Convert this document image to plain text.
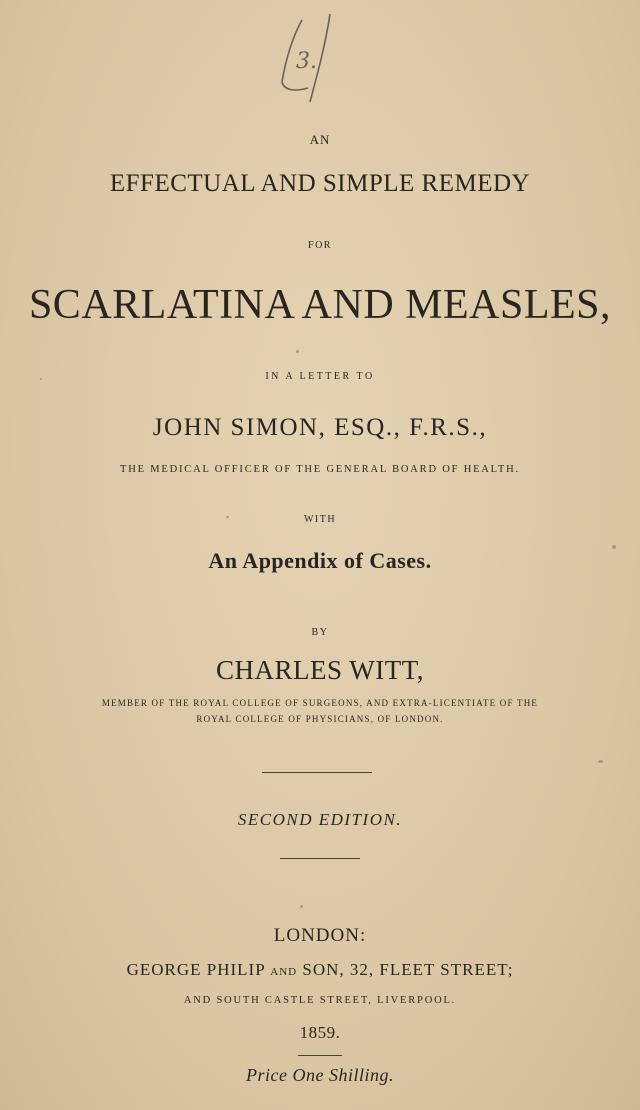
3.
AN
EFFECTUAL AND SIMPLE REMEDY
FOR
SCARLATINA AND MEASLES,
IN A LETTER TO
JOHN SIMON, ESQ., F.R.S.,
THE MEDICAL OFFICER OF THE GENERAL BOARD OF HEALTH.
WITH
An Appendix of Cases.
BY
CHARLES WITT,
MEMBER OF THE ROYAL COLLEGE OF SURGEONS, AND EXTRA-LICENTIATE OF THE
ROYAL COLLEGE OF PHYSICIANS, OF LONDON.
SECOND EDITION.
LONDON:
GEORGE PHILIP AND SON, 32, FLEET STREET;
AND SOUTH CASTLE STREET, LIVERPOOL.
1859.
Price One Shilling.
